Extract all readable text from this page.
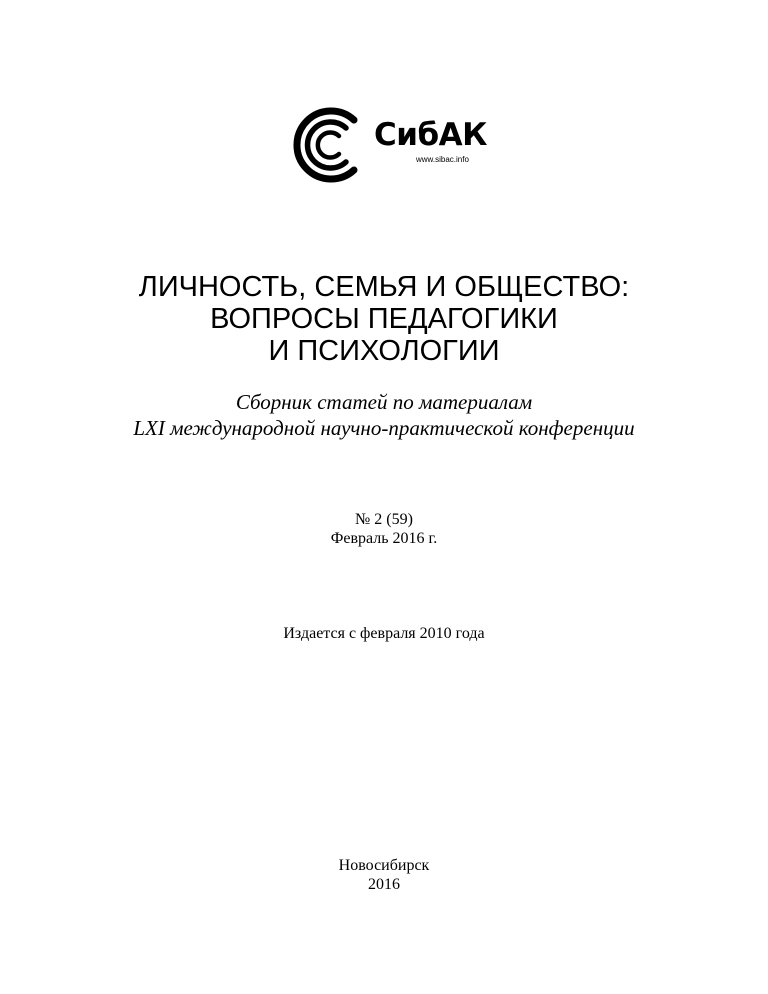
СибАК
www.sibac.info
ЛИЧНОСТЬ, СЕМЬЯ И ОБЩЕСТВО:
ВОПРОСЫ ПЕДАГОГИКИ
И ПСИХОЛОГИИ
Сборник статей по материалам
LXI международной научно-практической конференции
№ 2 (59)
Февраль 2016 г.
Издается с февраля 2010 года
Новосибирск
2016
